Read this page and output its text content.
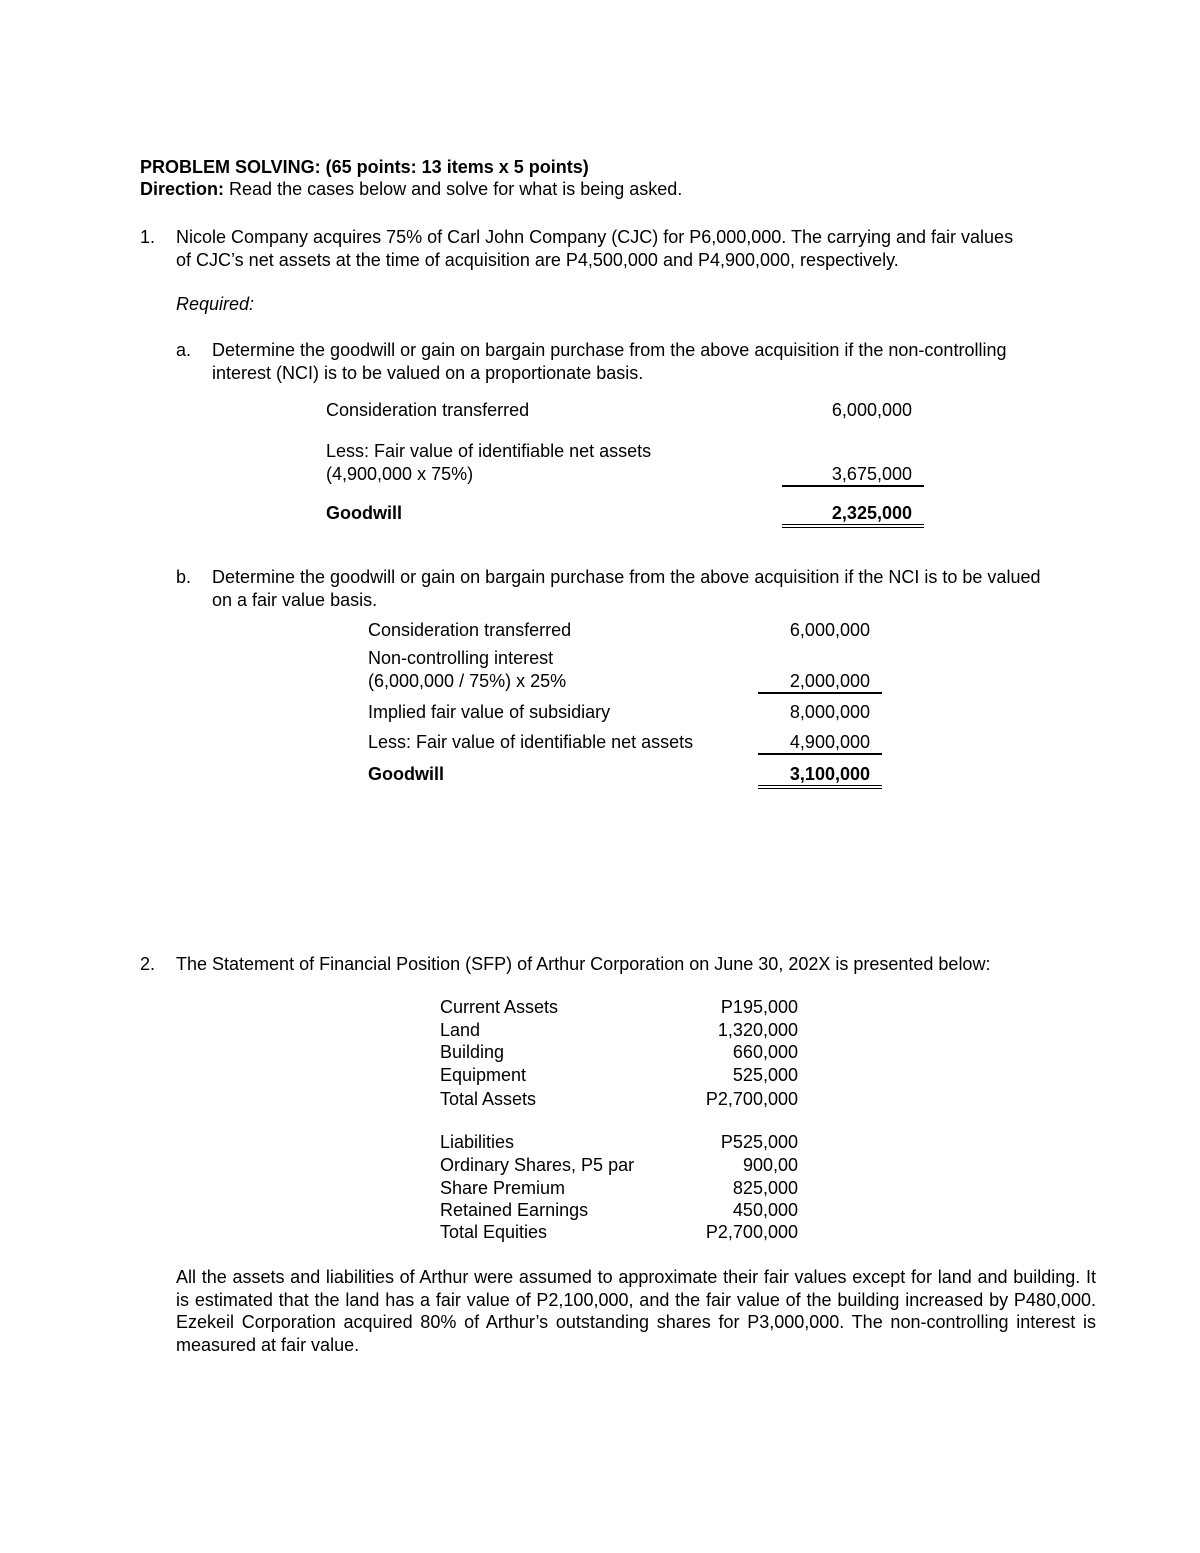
PROBLEM SOLVING: (65 points: 13 items x 5 points)
Direction: Read the cases below and solve for what is being asked.
1. Nicole Company acquires 75% of Carl John Company (CJC) for P6,000,000. The carrying and fair values
of CJC’s net assets at the time of acquisition are P4,500,000 and P4,900,000, respectively.
Required:
a. Determine the goodwill or gain on bargain purchase from the above acquisition if the non-controlling
interest (NCI) is to be valued on a proportionate basis.
Consideration transferred	6,000,000
Less: Fair value of identifiable net assets
(4,900,000 x 75%)	3,675,000
Goodwill	2,325,000
b. Determine the goodwill or gain on bargain purchase from the above acquisition if the NCI is to be valued
on a fair value basis.
Consideration transferred	6,000,000
Non-controlling interest
(6,000,000 / 75%) x 25%	2,000,000
Implied fair value of subsidiary	8,000,000
Less: Fair value of identifiable net assets	4,900,000
Goodwill	3,100,000
2. The Statement of Financial Position (SFP) of Arthur Corporation on June 30, 202X is presented below:
Current Assets	P195,000
Land	1,320,000
Building	660,000
Equipment	525,000
Total Assets	P2,700,000
Liabilities	P525,000
Ordinary Shares, P5 par	900,00
Share Premium	825,000
Retained Earnings	450,000
Total Equities	P2,700,000
All the assets and liabilities of Arthur were assumed to approximate their fair values except for land and building. It is estimated that the land has a fair value of P2,100,000, and the fair value of the building increased by P480,000. Ezekeil Corporation acquired 80% of Arthur’s outstanding shares for P3,000,000. The non-controlling interest is measured at fair value.
